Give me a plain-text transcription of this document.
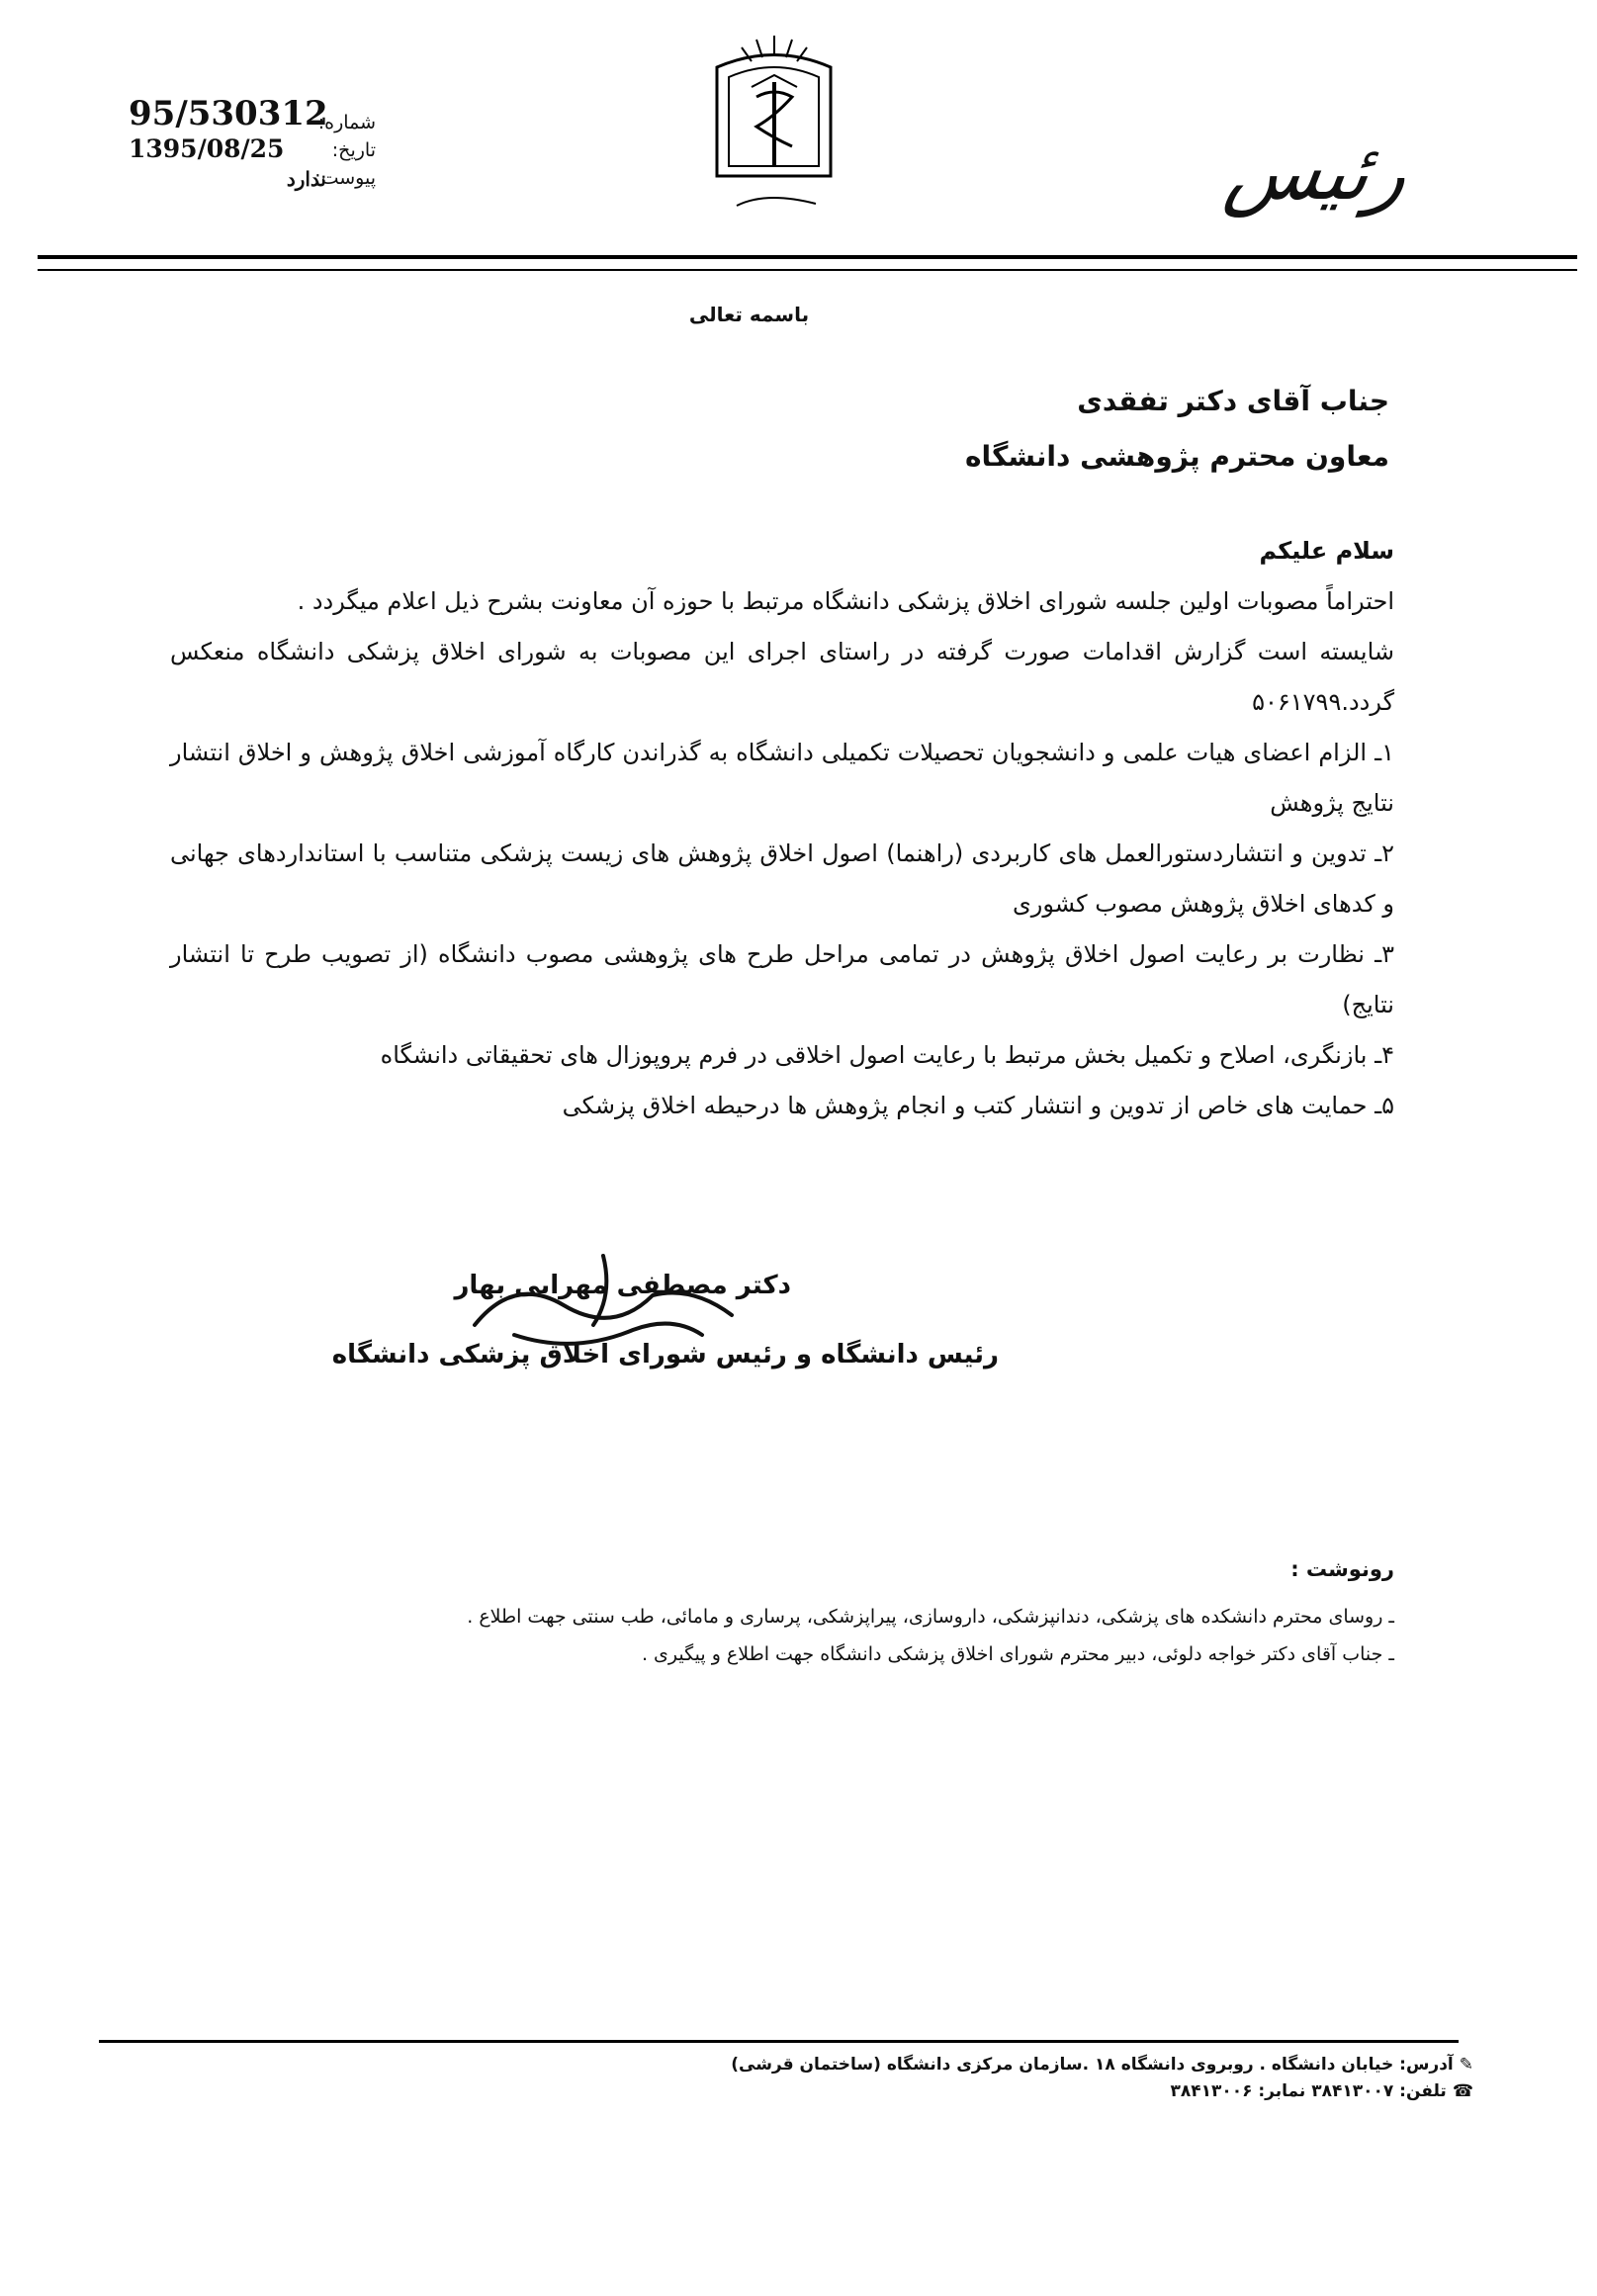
95/530312
1395/08/25
ندارد
شماره:
تاریخ:
پیوست:	رئیس
باسمه تعالی
جناب آقای دکتر تفقدی
معاون محترم پژوهشی دانشگاه

سلام علیکم

احتراماً مصوبات اولین جلسه شورای اخلاق پزشکی دانشگاه مرتبط با حوزه آن معاونت بشرح ذیل اعلام میگردد .

شایسته است گزارش اقدامات صورت گرفته در راستای اجرای این مصوبات به شورای اخلاق پزشکی دانشگاه منعکس گردد.۵۰۶۱۷۹۹

۱ـ الزام اعضای هیات علمی و دانشجویان تحصیلات تکمیلی دانشگاه به گذراندن کارگاه آموزشی اخلاق پژوهش و اخلاق انتشار نتایج پژوهش

۲ـ تدوین و انتشاردستورالعمل های کاربردی (راهنما) اصول اخلاق پژوهش های زیست پزشکی متناسب با استانداردهای جهانی و کدهای اخلاق پژوهش مصوب کشوری

۳ـ نظارت بر رعایت اصول اخلاق پژوهش در تمامی مراحل طرح های پژوهشی مصوب دانشگاه (از تصویب طرح تا انتشار نتایج)

۴ـ بازنگری، اصلاح و تکمیل بخش مرتبط با رعایت اصول اخلاقی در فرم پروپوزال های تحقیقاتی دانشگاه

۵ـ حمایت های خاص از تدوین و انتشار کتب و انجام پژوهش ها درحیطه اخلاق پزشکی

دکتر مصطفی مهرابی بهار
رئیس دانشگاه و رئیس شورای اخلاق پزشکی دانشگاه
رونوشت :
ـ روسای محترم دانشکده های پزشکی، دندانپزشکی، داروسازی، پیراپزشکی، پرساری و مامائی، طب سنتی جهت اطلاع .
ـ جناب آقای دکتر خواجه دلوئی، دبیر محترم شورای اخلاق پزشکی دانشگاه جهت اطلاع و پیگیری .
✎آدرس: خیابان دانشگاه . روبروی دانشگاه ۱۸ .سازمان مرکزی دانشگاه (ساختمان قرشی)
☎تلفن: ۳۸۴۱۳۰۰۷ نمابر: ۳۸۴۱۳۰۰۶
